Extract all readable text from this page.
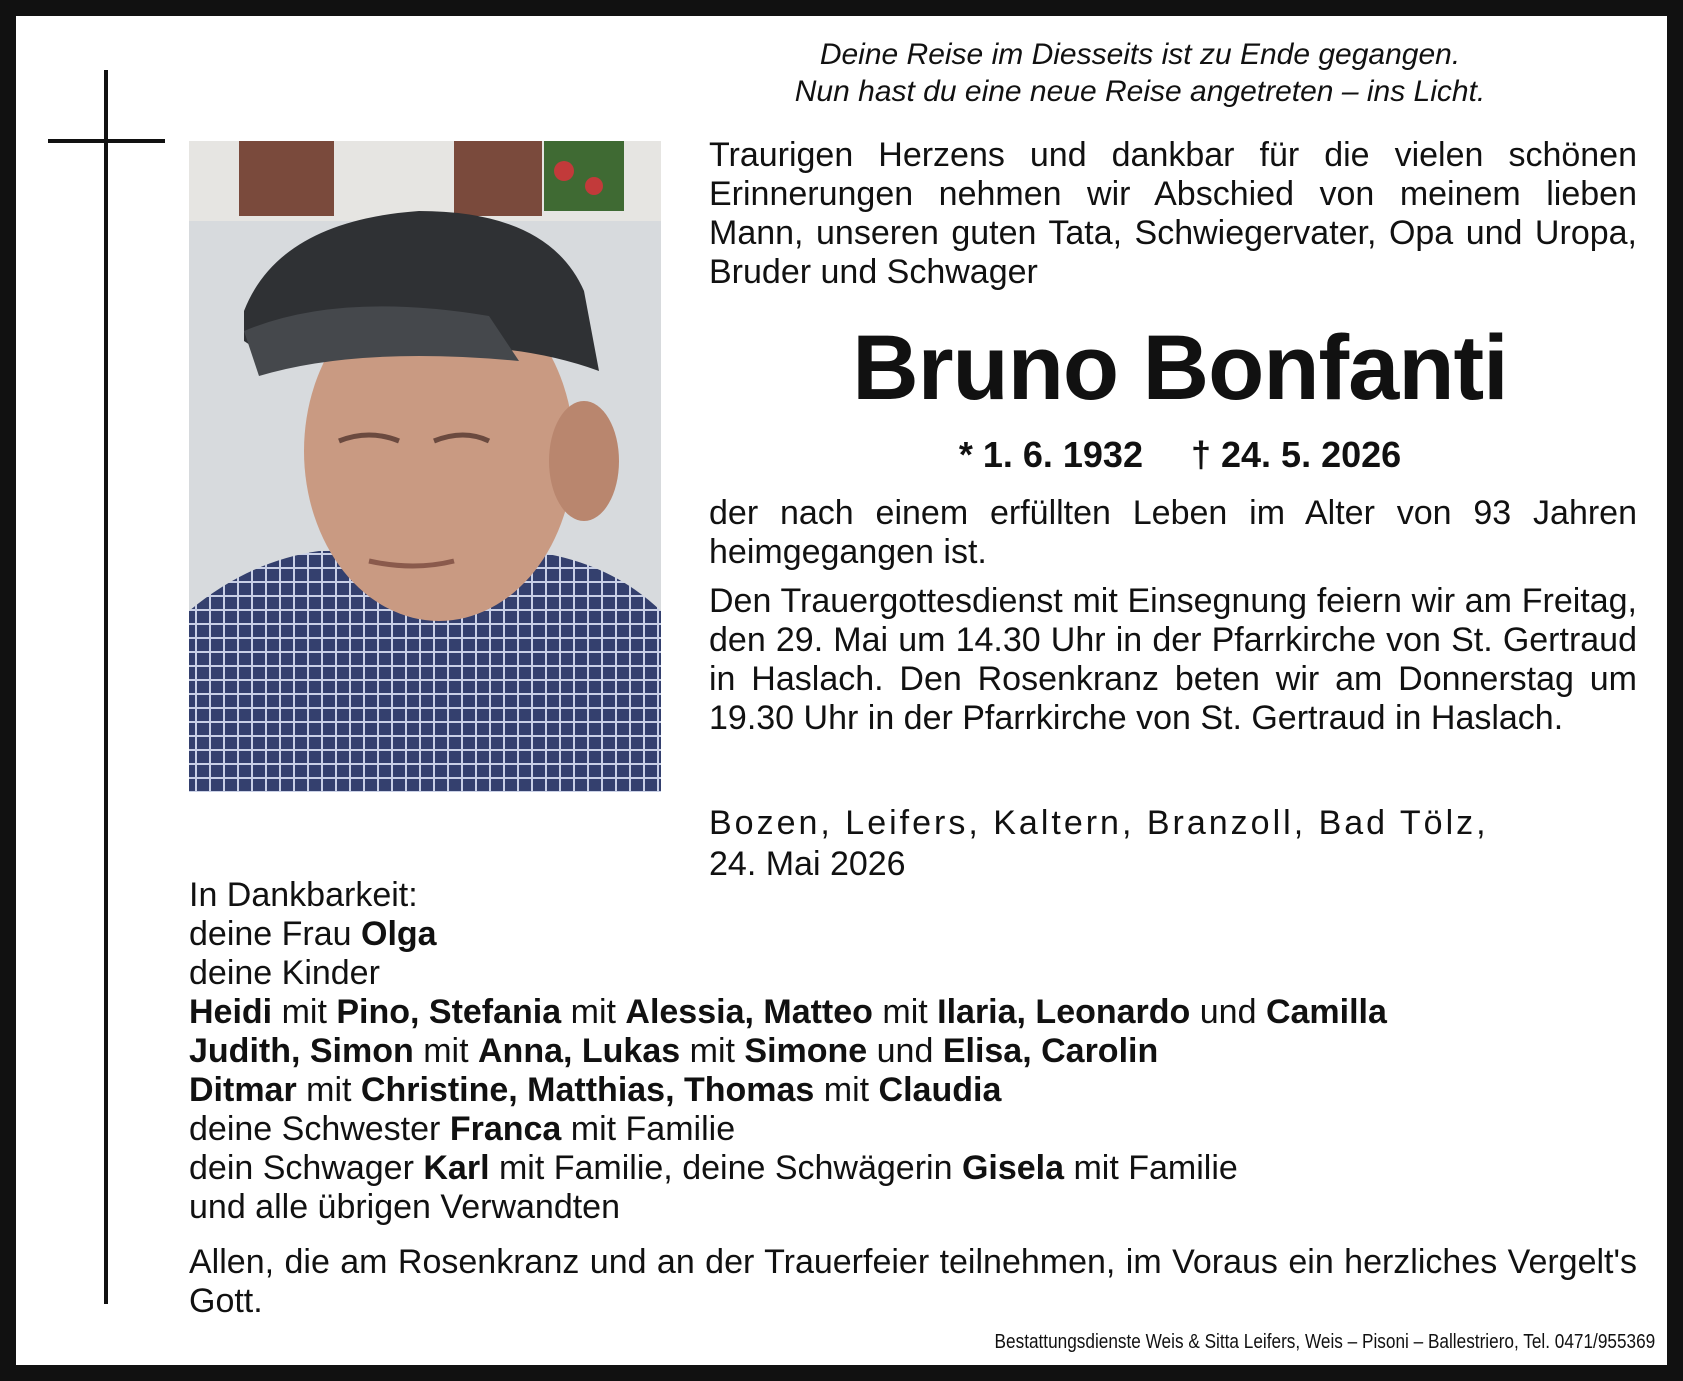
Deine Reise im Diesseits ist zu Ende gegangen.
Nun hast du eine neue Reise angetreten – ins Licht.
Traurigen Herzens und dankbar für die vielen schönen Erinnerungen nehmen wir Abschied von meinem lieben Mann, unseren guten Tata, Schwiegervater, Opa und Uropa, Bruder und Schwager
Bruno Bonfanti
* 1. 6. 1932 † 24. 5. 2026
der nach einem erfüllten Leben im Alter von 93 Jahren heimgegangen ist.
Den Trauergottesdienst mit Einsegnung feiern wir am Freitag, den 29. Mai um 14.30 Uhr in der Pfarrkirche von St. Gertraud in Haslach. Den Rosenkranz beten wir am Donnerstag um 19.30 Uhr in der Pfarrkirche von St. Gertraud in Haslach.
Bozen, Leifers, Kaltern, Branzoll, Bad Tölz,
24. Mai 2026
In Dankbarkeit:
deine Frau Olga
deine Kinder
Heidi mit Pino, Stefania mit Alessia, Matteo mit Ilaria, Leonardo und Camilla
Judith, Simon mit Anna, Lukas mit Simone und Elisa, Carolin
Ditmar mit Christine, Matthias, Thomas mit Claudia
deine Schwester Franca mit Familie
dein Schwager Karl mit Familie, deine Schwägerin Gisela mit Familie
und alle übrigen Verwandten
Allen, die am Rosenkranz und an der Trauerfeier teilnehmen, im Voraus ein herzliches Vergelt's Gott.
Bestattungsdienste Weis & Sitta Leifers, Weis – Pisoni – Ballestriero, Tel. 0471/955369
